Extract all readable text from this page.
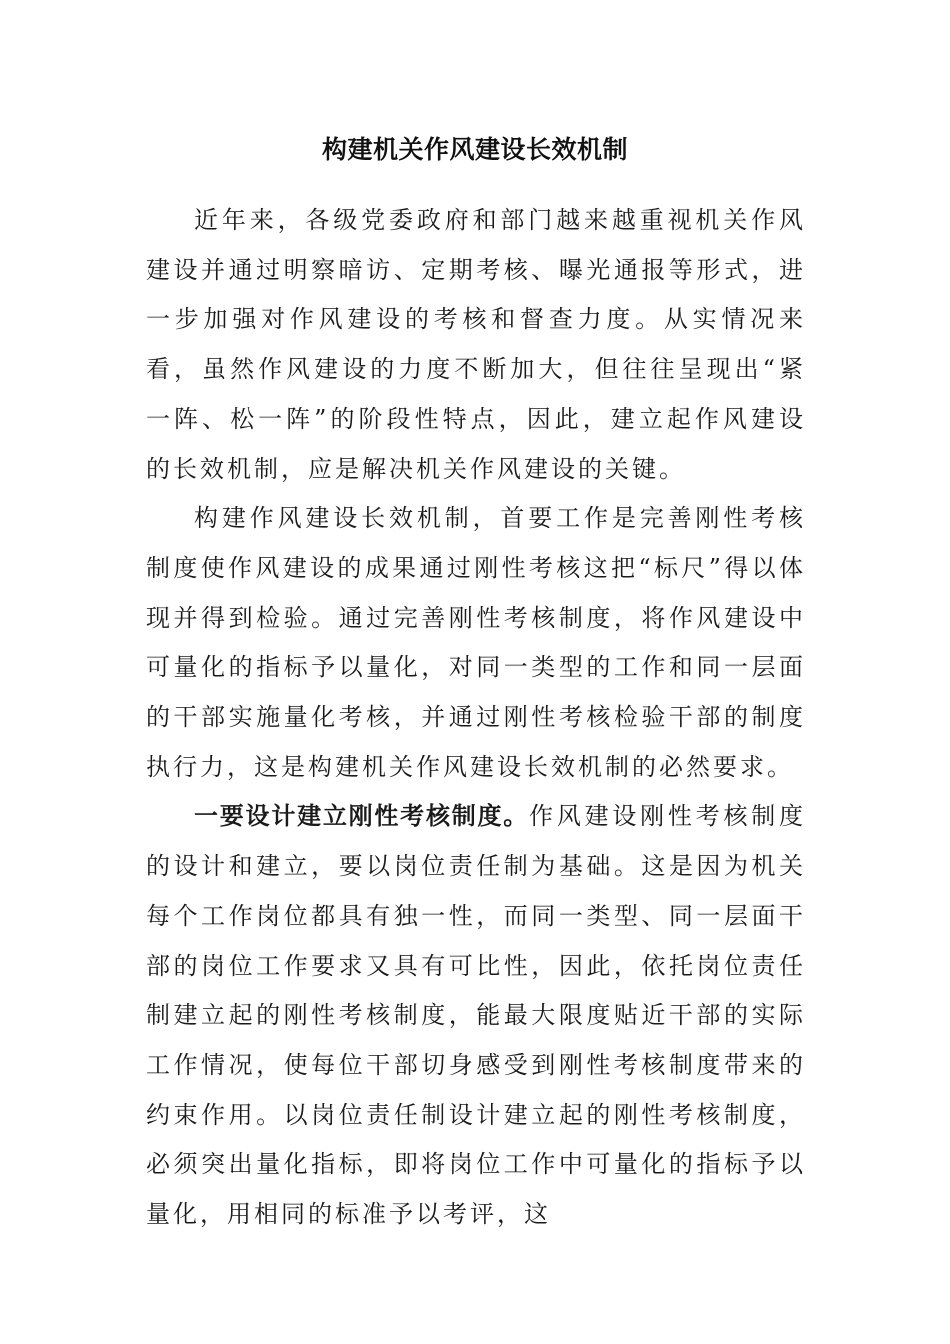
构建机关作风建设长效机制

近年来，各级党委政府和部门越来越重视机关作风建设并通过明察暗访、定期考核、曝光通报等形式，进一步加强对作风建设的考核和督查力度。从实情况来看，虽然作风建设的力度不断加大，但往往呈现出“紧一阵、松一阵”的阶段性特点，因此，建立起作风建设的长效机制，应是解决机关作风建设的关键。

构建作风建设长效机制，首要工作是完善刚性考核制度使作风建设的成果通过刚性考核这把“标尺”得以体现并得到检验。通过完善刚性考核制度，将作风建设中可量化的指标予以量化，对同一类型的工作和同一层面的干部实施量化考核，并通过刚性考核检验干部的制度执行力，这是构建机关作风建设长效机制的必然要求。

一要设计建立刚性考核制度。作风建设刚性考核制度的设计和建立，要以岗位责任制为基础。这是因为机关每个工作岗位都具有独一性，而同一类型、同一层面干部的岗位工作要求又具有可比性，因此，依托岗位责任制建立起的刚性考核制度，能最大限度贴近干部的实际工作情况，使每位干部切身感受到刚性考核制度带来的约束作用。以岗位责任制设计建立起的刚性考核制度，必须突出量化指标，即将岗位工作中可量化的指标予以量化，用相同的标准予以考评，这
